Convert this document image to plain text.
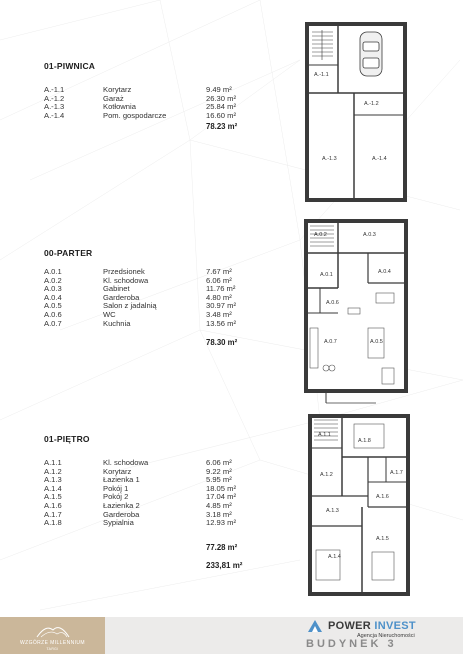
01-PIWNICA
A.-1.1	Korytarz	9.49 m²
A.-1.2	Garaż	26.30 m²
A.-1.3	Kotłownia	25.84 m²
A.-1.4	Pom. gospodarcze	16.60 m²
78.23 m²
00-PARTER
A.0.1	Przedsionek	7.67 m²
A.0.2	Kl. schodowa	6.06 m²
A.0.3	Gabinet	11.76 m²
A.0.4	Garderoba	4.80 m²
A.0.5	Salon z jadalnią	30.97 m²
A.0.6	WC	3.48 m²
A.0.7	Kuchnia	13.56 m²
78.30 m²
01-PIĘTRO
A.1.1	Kl. schodowa	6.06 m²
A.1.2	Korytarz	9.22 m²
A.1.3	Łazienka 1	5.95 m²
A.1.4	Pokój 1	18.05 m²
A.1.5	Pokój 2	17.04 m²
A.1.6	Łazienka 2	4.85 m²
A.1.7	Garderoba	3.18 m²
A.1.8	Sypialnia	12.93 m²
77.28 m²
233,81 m²
A.-1.1
A.-1.2
A.-1.3	A.-1.4
A.0.2	A.0.3
A.0.1	A.0.4
A.0.6
A.0.7	A.0.5
A.1.1
A.1.8
A.1.2	A.1.7
A.1.6
A.1.3
A.1.4
A.1.5
WZGÓRZE MILLENNIUM
TARGI
POWER INVEST
Agencja Nieruchomości
BUDYNEK 3
